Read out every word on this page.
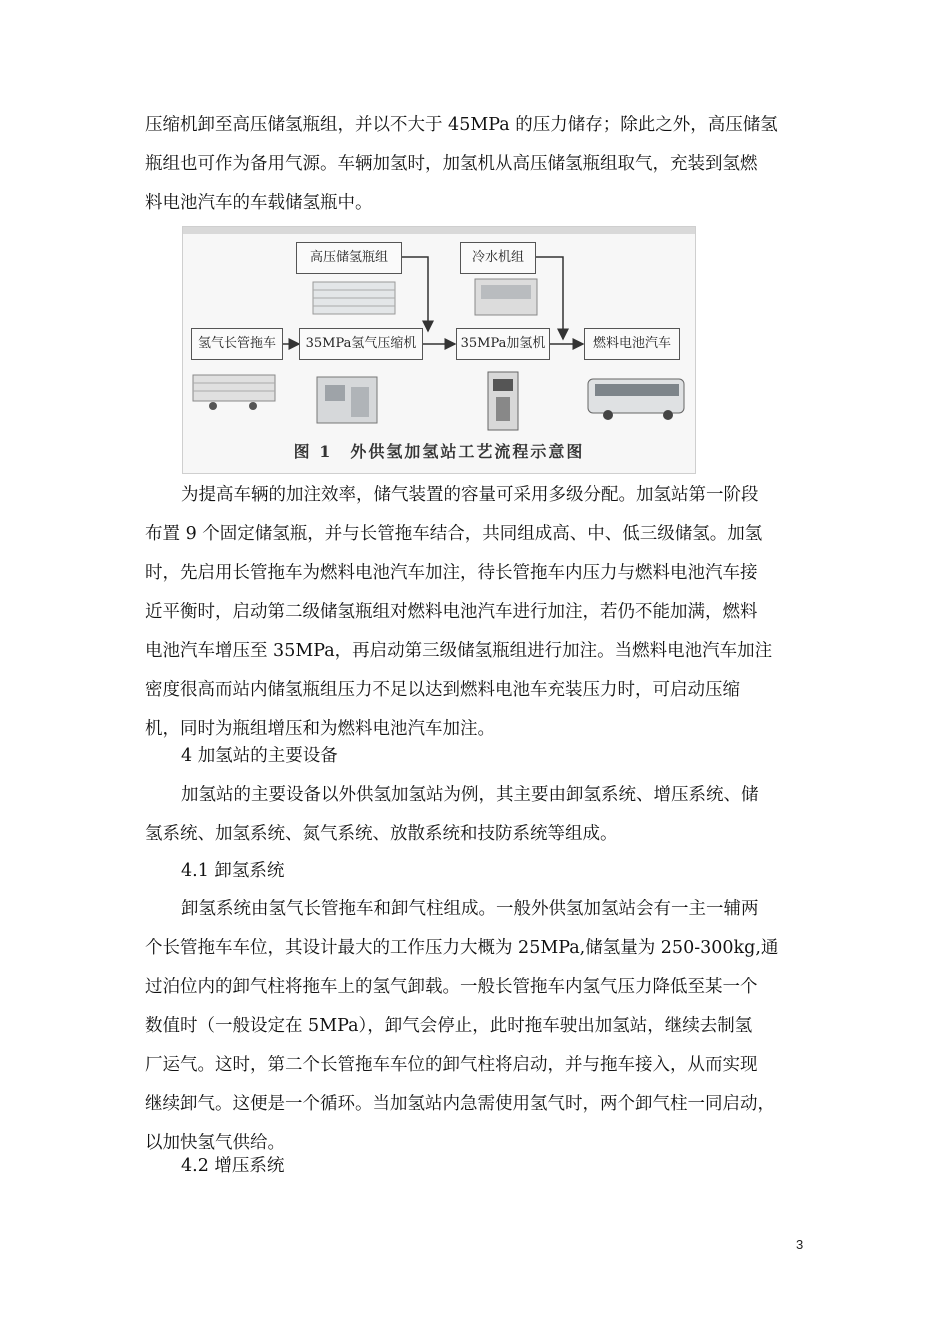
压缩机卸至高压储氢瓶组，并以不大于 45MPa 的压力储存；除此之外，高压储氢
瓶组也可作为备用气源。车辆加氢时，加氢机从高压储氢瓶组取气，充装到氢燃
料电池汽车的车载储氢瓶中。

高压储氢瓶组	冷水机组
氢气长管拖车	35MPa氢气压缩机	35MPa加氢机	燃料电池汽车
图 1　外供氢加氢站工艺流程示意图

为提高车辆的加注效率，储气装置的容量可采用多级分配。加氢站第一阶段
布置 9 个固定储氢瓶，并与长管拖车结合，共同组成高、中、低三级储氢。加氢
时，先启用长管拖车为燃料电池汽车加注，待长管拖车内压力与燃料电池汽车接
近平衡时，启动第二级储氢瓶组对燃料电池汽车进行加注，若仍不能加满，燃料
电池汽车增压至 35MPa，再启动第三级储氢瓶组进行加注。当燃料电池汽车加注
密度很高而站内储氢瓶组压力不足以达到燃料电池车充装压力时，可启动压缩
机，同时为瓶组增压和为燃料电池汽车加注。

4 加氢站的主要设备

加氢站的主要设备以外供氢加氢站为例，其主要由卸氢系统、增压系统、储
氢系统、加氢系统、氮气系统、放散系统和技防系统等组成。

4.1 卸氢系统

卸氢系统由氢气长管拖车和卸气柱组成。一般外供氢加氢站会有一主一辅两
个长管拖车车位，其设计最大的工作压力大概为 25MPa,储氢量为 250-300kg,通
过泊位内的卸气柱将拖车上的氢气卸载。一般长管拖车内氢气压力降低至某一个
数值时（一般设定在 5MPa），卸气会停止，此时拖车驶出加氢站，继续去制氢
厂运气。这时，第二个长管拖车车位的卸气柱将启动，并与拖车接入，从而实现
继续卸气。这便是一个循环。当加氢站内急需使用氢气时，两个卸气柱一同启动，
以加快氢气供给。

4.2 增压系统
3
